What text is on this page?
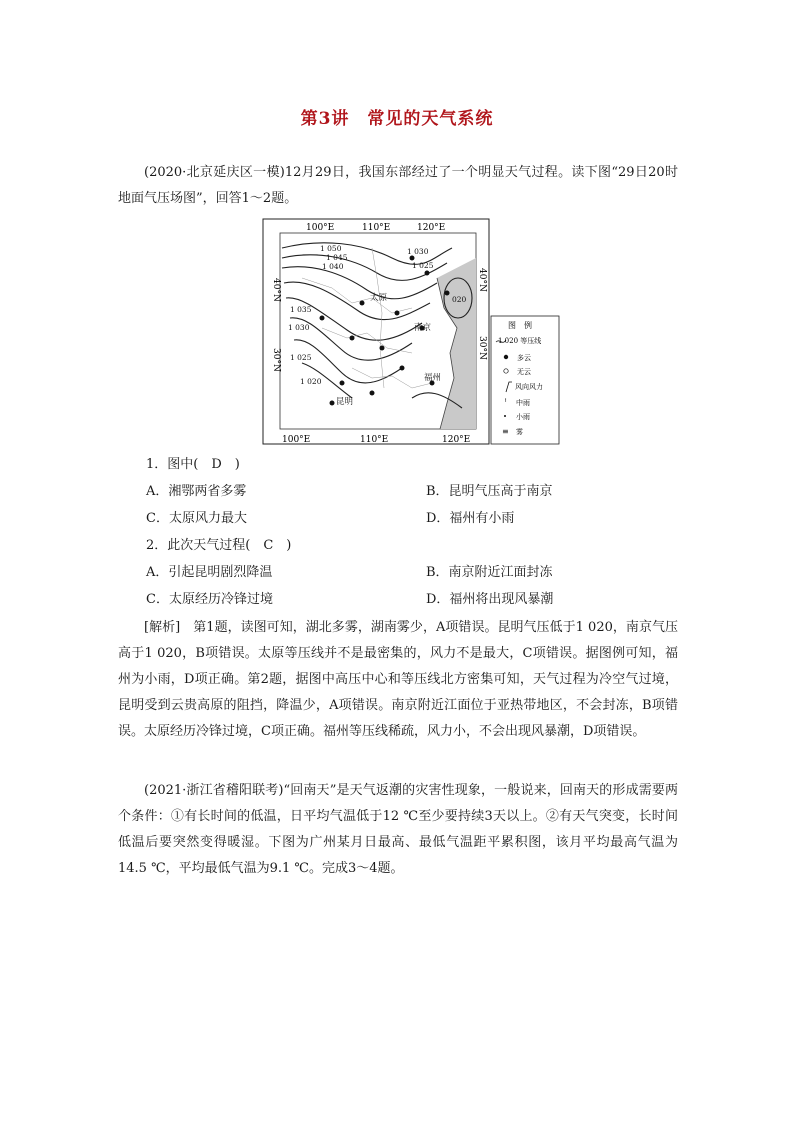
第3讲　常见的天气系统

(2020·北京延庆区一模)12月29日，我国东部经过了一个明显天气过程。读下图“29日20时地面气压场图”，回答1～2题。

100°E	110°E	120°E
100°E	110°E	120°E
40°N
30°N
40°N
30°N
1 050
1 045
1 040
1 035
1 030
1 025
1 020
1 030
1 025
020
太原
南京
福州
昆明
图　例
1 020 等压线
多云
无云
风向风力
⠃ 中雨
小雨
≡ 雾
1．图中(　D　)
A．湘鄂两省多雾	B．昆明气压高于南京
C．太原风力最大	D．福州有小雨
2．此次天气过程(　C　)
A．引起昆明剧烈降温	B．南京附近江面封冻
C．太原经历冷锋过境	D．福州将出现风暴潮

[解析]　第1题，读图可知，湖北多雾，湖南雾少，A项错误。昆明气压低于1 020，南京气压高于1 020，B项错误。太原等压线并不是最密集的，风力不是最大，C项错误。据图例可知，福州为小雨，D项正确。第2题，据图中高压中心和等压线北方密集可知，天气过程为冷空气过境，昆明受到云贵高原的阻挡，降温少，A项错误。南京附近江面位于亚热带地区，不会封冻，B项错误。太原经历冷锋过境，C项正确。福州等压线稀疏，风力小，不会出现风暴潮，D项错误。

(2021·浙江省稽阳联考)“回南天”是天气返潮的灾害性现象，一般说来，回南天的形成需要两个条件：①有长时间的低温，日平均气温低于12 ℃至少要持续3天以上。②有天气突变，长时间低温后要突然变得暖湿。下图为广州某月日最高、最低气温距平累积图，该月平均最高气温为14.5 ℃，平均最低气温为9.1 ℃。完成3～4题。
